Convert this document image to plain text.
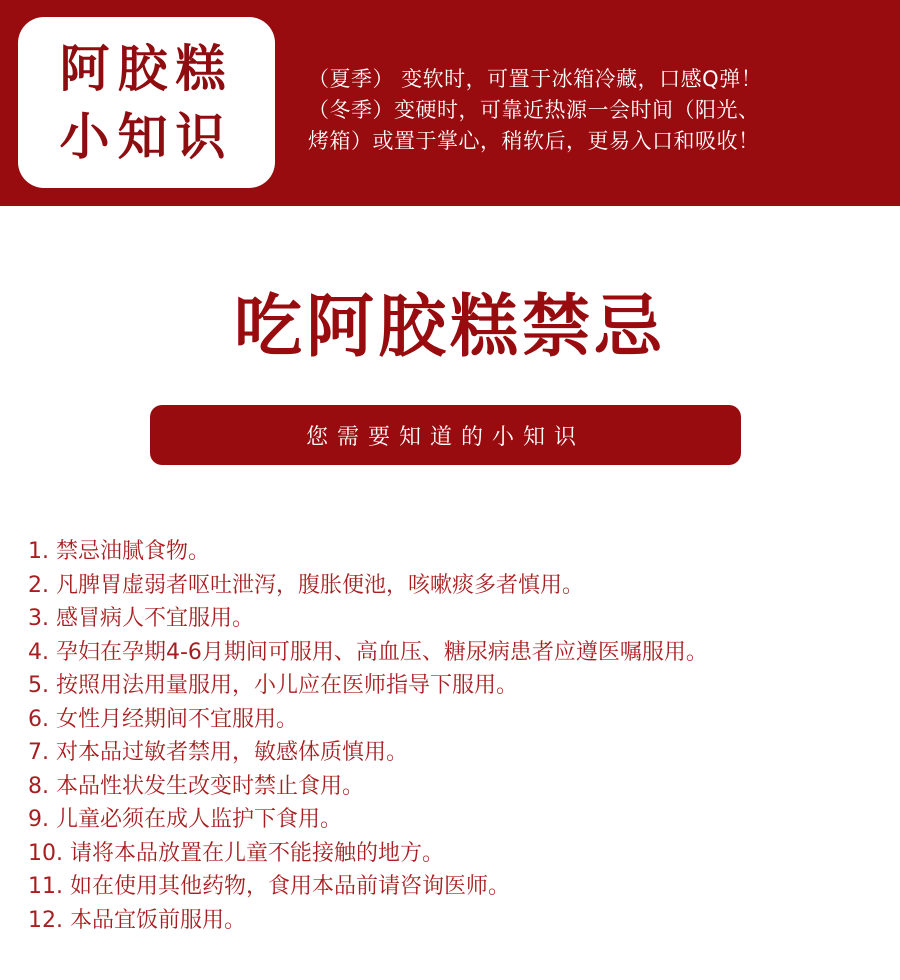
阿胶糕
小知识

（夏季） 变软时，可置于冰箱冷藏，口感Q弹！

（冬季）变硬时，可靠近热源一会时间（阳光、

烤箱）或置于掌心，稍软后，更易入口和吸收！

吃阿胶糕禁忌
您需要知道的小知识
1. 禁忌油腻食物。
2. 凡脾胃虚弱者呕吐泄泻，腹胀便池，咳嗽痰多者慎用。
3. 感冒病人不宜服用。
4. 孕妇在孕期4-6月期间可服用、高血压、糖尿病患者应遵医嘱服用。
5. 按照用法用量服用，小儿应在医师指导下服用。
6. 女性月经期间不宜服用。
7. 对本品过敏者禁用，敏感体质慎用。
8. 本品性状发生改变时禁止食用。
9. 儿童必须在成人监护下食用。
10. 请将本品放置在儿童不能接触的地方。
11. 如在使用其他药物，食用本品前请咨询医师。
12. 本品宜饭前服用。
